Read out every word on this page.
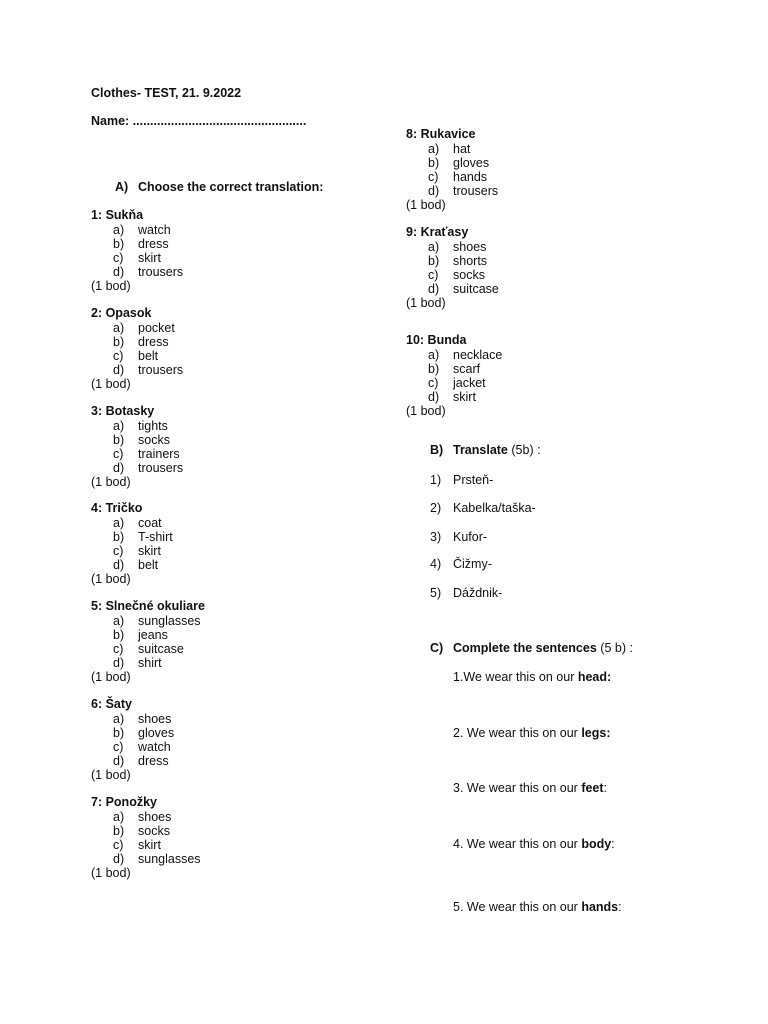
Clothes- TEST, 21. 9.2022
Name: ..................................................
A) Choose the correct translation:
1: Sukňa
a) watch
b) dress
c) skirt
d) trousers
(1 bod)
2: Opasok
a) pocket
b) dress
c) belt
d) trousers
(1 bod)
3: Botasky
a) tights
b) socks
c) trainers
d) trousers
(1 bod)
4: Tričko
a) coat
b) T-shirt
c) skirt
d) belt
(1 bod)
5: Slnečné okuliare
a) sunglasses
b) jeans
c) suitcase
d) shirt
(1 bod)
6: Šaty
a) shoes
b) gloves
c) watch
d) dress
(1 bod)
7: Ponožky
a) shoes
b) socks
c) skirt
d) sunglasses
(1 bod)
8: Rukavice
a) hat
b) gloves
c) hands
d) trousers
(1 bod)
9: Kraťasy
a) shoes
b) shorts
c) socks
d) suitcase
(1 bod)
10: Bunda
a) necklace
b) scarf
c) jacket
d) skirt
(1 bod)
B) Translate (5b) :
1) Prsteň-
2) Kabelka/taška-
3) Kufor-
4) Čižmy-
5) Dáždnik-
C) Complete the sentences (5 b) :
1.We wear this on our head:
2. We wear this on our legs:
3. We wear this on our feet:
4. We wear this on our body:
5. We wear this on our hands:
